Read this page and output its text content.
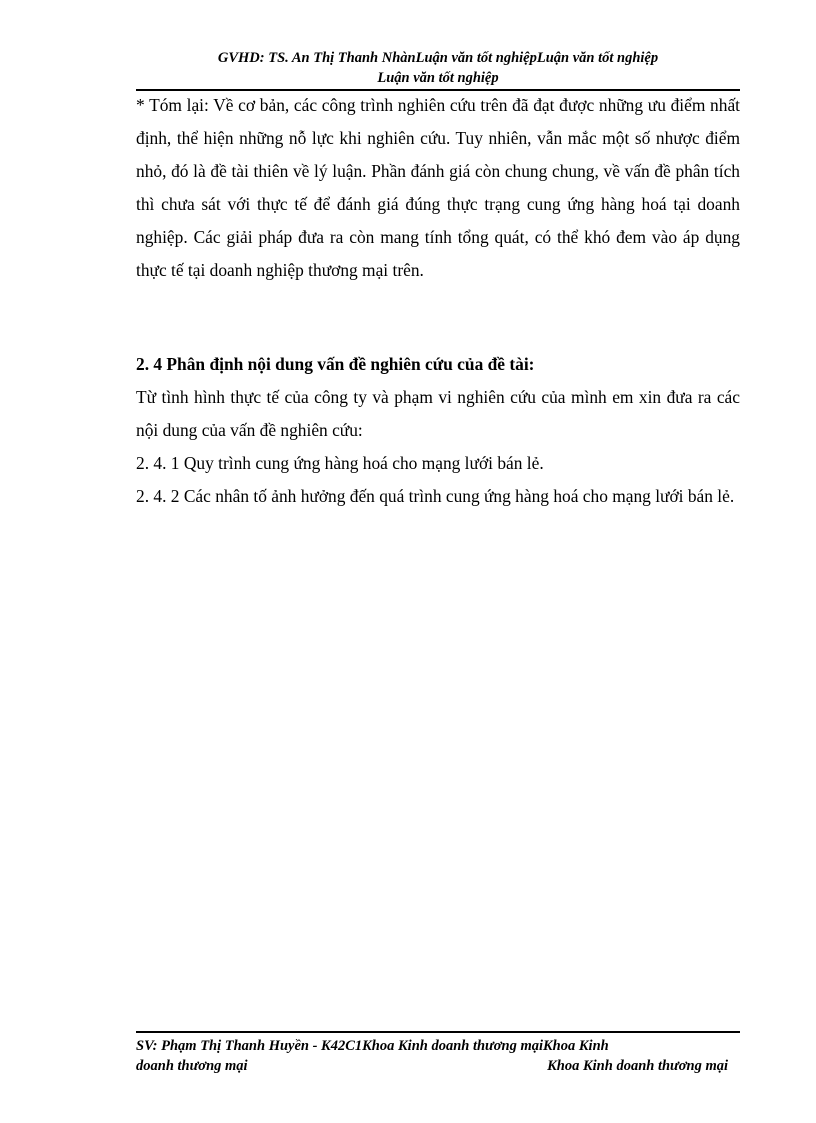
GVHD: TS. An Thị Thanh NhànLuận văn tốt nghiệpLuận văn tốt nghiệp
Luận văn tốt nghiệp

* Tóm lại: Về cơ bản, các công trình nghiên cứu trên đã đạt được những ưu điểm nhất định, thể hiện những nỗ lực khi nghiên cứu. Tuy nhiên, vẫn mắc một số nhược điểm nhỏ, đó là đề tài thiên về lý luận. Phần đánh giá còn chung chung, về vấn đề phân tích thì chưa sát với thực tế để đánh giá đúng thực trạng cung ứng hàng hoá tại doanh nghiệp. Các giải pháp đưa ra còn mang tính tổng quát, có thể khó đem vào áp dụng thực tế tại doanh nghiệp thương mại trên.

2. 4 Phân định nội dung vấn đề nghiên cứu của đề tài:

Từ tình hình thực tế của công ty và phạm vi nghiên cứu của mình em xin đưa ra các nội dung của vấn đề nghiên cứu:

2. 4. 1 Quy trình cung ứng hàng hoá cho mạng lưới bán lẻ.

2. 4. 2 Các nhân tố ảnh hưởng đến quá trình cung ứng hàng hoá cho mạng lưới bán lẻ.

SV: Phạm Thị Thanh Huyền - K42C1Khoa Kinh doanh thương mạiKhoa Kinh
doanh thương mại	Khoa Kinh doanh thương mại
